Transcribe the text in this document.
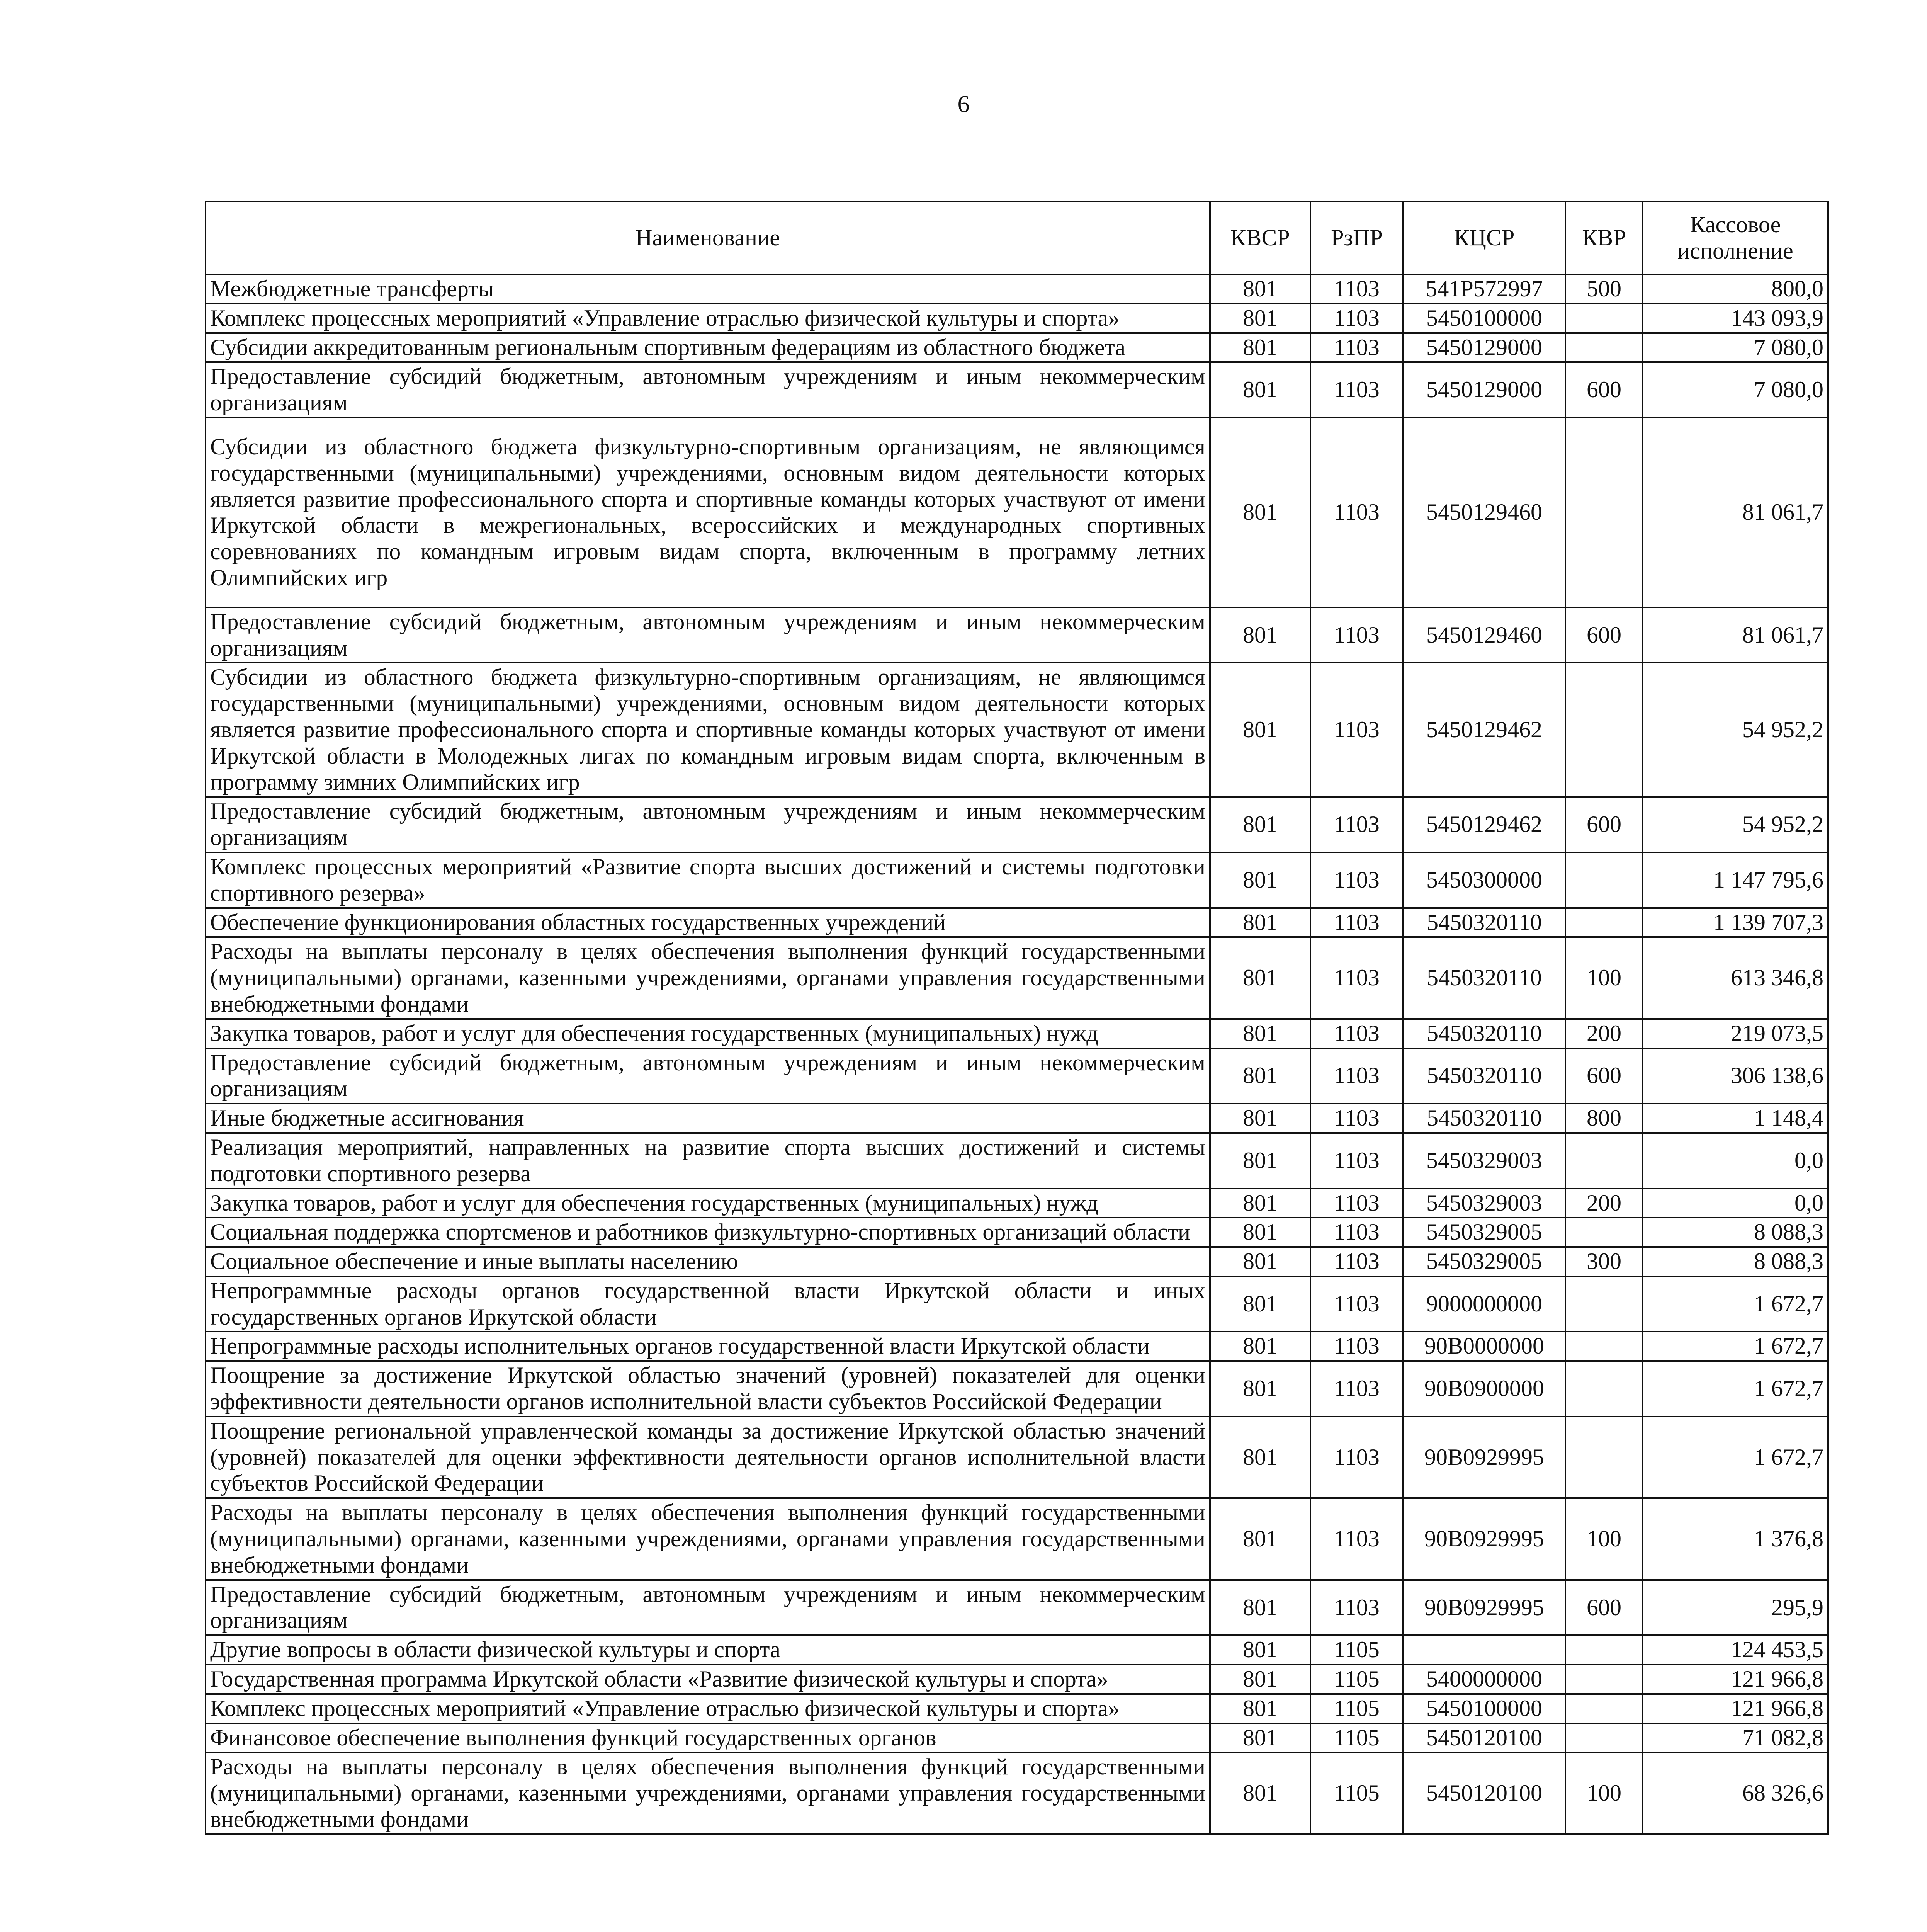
6
Наименование	КВСР	РзПР	КЦСР	КВР	Кассовое исполнение
Межбюджетные трансферты	801	1103	541P572997	500	800,0
Комплекс процессных мероприятий «Управление отраслью физической культуры и спорта»	801	1103	5450100000		143 093,9
Субсидии аккредитованным региональным спортивным федерациям из областного бюджета	801	1103	5450129000		7 080,0
Предоставление субсидий бюджетным, автономным учреждениям и иным некоммерческим организациям	801	1103	5450129000	600	7 080,0
Субсидии из областного бюджета физкультурно-спортивным организациям, не являющимся государственными (муниципальными) учреждениями, основным видом деятельности которых является развитие профессионального спорта и спортивные команды которых участвуют от имени Иркутской области в межрегиональных, всероссийских и международных спортивных соревнованиях по командным игровым видам спорта, включенным в программу летних Олимпийских игр	801	1103	5450129460		81 061,7
Предоставление субсидий бюджетным, автономным учреждениям и иным некоммерческим организациям	801	1103	5450129460	600	81 061,7
Субсидии из областного бюджета физкультурно-спортивным организациям, не являющимся государственными (муниципальными) учреждениями, основным видом деятельности которых является развитие профессионального спорта и спортивные команды которых участвуют от имени Иркутской области в Молодежных лигах по командным игровым видам спорта, включенным в программу зимних Олимпийских игр	801	1103	5450129462		54 952,2
Предоставление субсидий бюджетным, автономным учреждениям и иным некоммерческим организациям	801	1103	5450129462	600	54 952,2
Комплекс процессных мероприятий «Развитие спорта высших достижений и системы подготовки спортивного резерва»	801	1103	5450300000		1 147 795,6
Обеспечение функционирования областных государственных учреждений	801	1103	5450320110		1 139 707,3
Расходы на выплаты персоналу в целях обеспечения выполнения функций государственными (муниципальными) органами, казенными учреждениями, органами управления государственными внебюджетными фондами	801	1103	5450320110	100	613 346,8
Закупка товаров, работ и услуг для обеспечения государственных (муниципальных) нужд	801	1103	5450320110	200	219 073,5
Предоставление субсидий бюджетным, автономным учреждениям и иным некоммерческим организациям	801	1103	5450320110	600	306 138,6
Иные бюджетные ассигнования	801	1103	5450320110	800	1 148,4
Реализация мероприятий, направленных на развитие спорта высших достижений и системы подготовки спортивного резерва	801	1103	5450329003		0,0
Закупка товаров, работ и услуг для обеспечения государственных (муниципальных) нужд	801	1103	5450329003	200	0,0
Социальная поддержка спортсменов и работников физкультурно-спортивных организаций области	801	1103	5450329005		8 088,3
Социальное обеспечение и иные выплаты населению	801	1103	5450329005	300	8 088,3
Непрограммные расходы органов государственной власти Иркутской области и иных государственных органов Иркутской области	801	1103	9000000000		1 672,7
Непрограммные расходы исполнительных органов государственной власти Иркутской области	801	1103	90В0000000		1 672,7
Поощрение за достижение Иркутской областью значений (уровней) показателей для оценки эффективности деятельности органов исполнительной власти субъектов Российской Федерации	801	1103	90В0900000		1 672,7
Поощрение региональной управленческой команды за достижение Иркутской областью значений (уровней) показателей для оценки эффективности деятельности органов исполнительной власти субъектов Российской Федерации	801	1103	90В0929995		1 672,7
Расходы на выплаты персоналу в целях обеспечения выполнения функций государственными (муниципальными) органами, казенными учреждениями, органами управления государственными внебюджетными фондами	801	1103	90В0929995	100	1 376,8
Предоставление субсидий бюджетным, автономным учреждениям и иным некоммерческим организациям	801	1103	90В0929995	600	295,9
Другие вопросы в области физической культуры и спорта	801	1105			124 453,5
Государственная программа Иркутской области «Развитие физической культуры и спорта»	801	1105	5400000000		121 966,8
Комплекс процессных мероприятий «Управление отраслью физической культуры и спорта»	801	1105	5450100000		121 966,8
Финансовое обеспечение выполнения функций государственных органов	801	1105	5450120100		71 082,8
Расходы на выплаты персоналу в целях обеспечения выполнения функций государственными (муниципальными) органами, казенными учреждениями, органами управления государственными внебюджетными фондами	801	1105	5450120100	100	68 326,6
